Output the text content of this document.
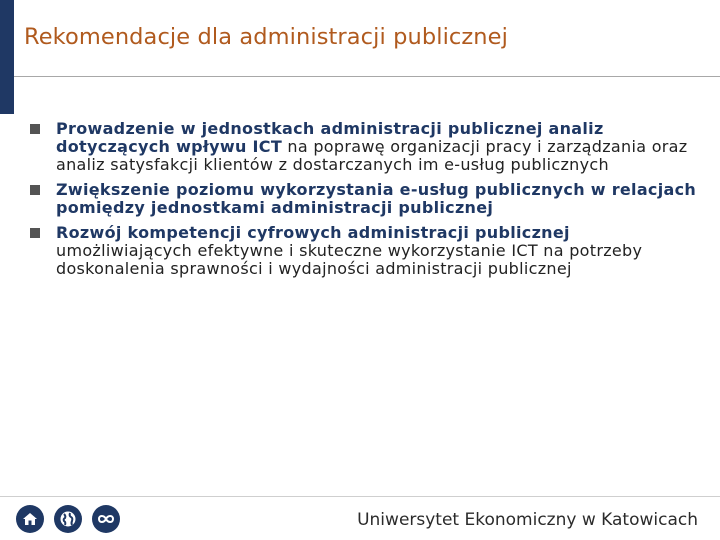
Rekomendacje dla administracji publicznej
Prowadzenie w jednostkach administracji publicznej analiz dotyczących wpływu ICT na poprawę organizacji pracy i zarządzania oraz analiz satysfakcji klientów z dostarczanych im e-usług publicznych
Zwiększenie poziomu wykorzystania e-usług publicznych w relacjach pomiędzy jednostkami administracji publicznej
Rozwój kompetencji cyfrowych administracji publicznej umożliwiających efektywne i skuteczne wykorzystanie ICT na potrzeby doskonalenia sprawności i wydajności administracji publicznej
Uniwersytet Ekonomiczny w Katowicach
